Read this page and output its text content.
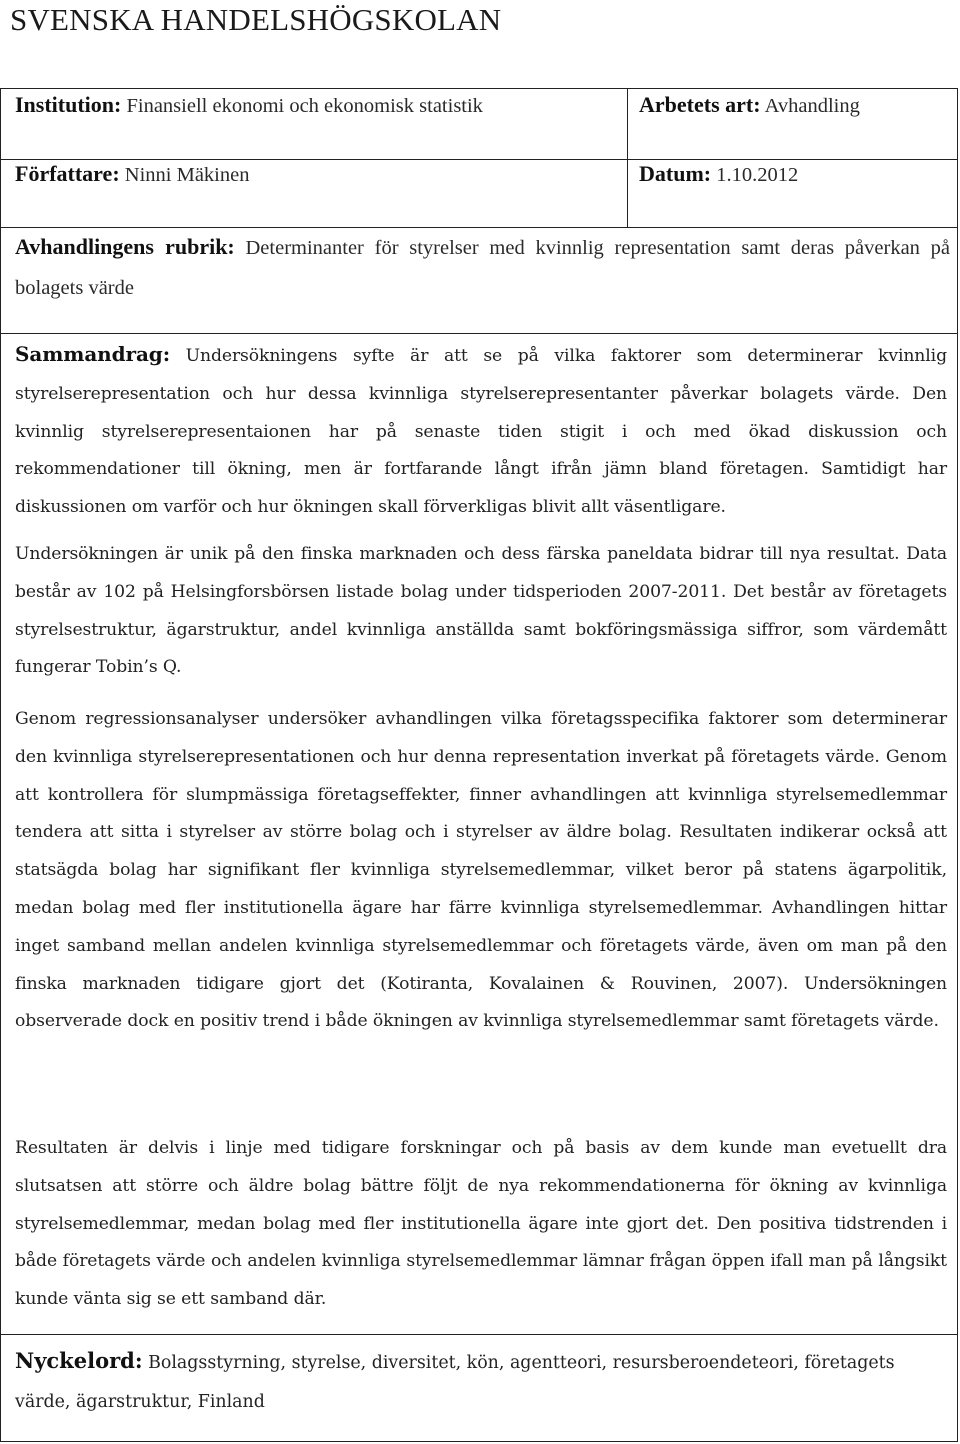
SVENSKA HANDELSHÖGSKOLAN
Institution: Finansiell ekonomi och ekonomisk statistik	Arbetets art: Avhandling
Författare: Ninni Mäkinen	Datum: 1.10.2012
Avhandlingens rubrik: Determinanter för styrelser med kvinnlig representation samt deras påverkan på bolagets värde

Sammandrag: Undersökningens syfte är att se på vilka faktorer som determinerar kvinnlig styrelserepresentation och hur dessa kvinnliga styrelserepresentanter påverkar bolagets värde. Den kvinnlig styrelserepresentaionen har på senaste tiden stigit i och med ökad diskussion och rekommendationer till ökning, men är fortfarande långt ifrån jämn bland företagen. Samtidigt har diskussionen om varför och hur ökningen skall förverkligas blivit allt väsentligare.

Undersökningen är unik på den finska marknaden och dess färska paneldata bidrar till nya resultat. Data består av 102 på Helsingforsbörsen listade bolag under tidsperioden 2007-2011. Det består av företagets styrelsestruktur, ägarstruktur, andel kvinnliga anställda samt bokföringsmässiga siffror, som värdemått fungerar Tobin’s Q.

Genom regressionsanalyser undersöker avhandlingen vilka företagsspecifika faktorer som determinerar den kvinnliga styrelserepresentationen och hur denna representation inverkat på företagets värde. Genom att kontrollera för slumpmässiga företagseffekter, finner avhandlingen att kvinnliga styrelsemedlemmar tendera att sitta i styrelser av större bolag och i styrelser av äldre bolag. Resultaten indikerar också att statsägda bolag har signifikant fler kvinnliga styrelsemedlemmar, vilket beror på statens ägarpolitik, medan bolag med fler institutionella ägare har färre kvinnliga styrelsemedlemmar. Avhandlingen hittar inget samband mellan andelen kvinnliga styrelsemedlemmar och företagets värde, även om man på den finska marknaden tidigare gjort det (Kotiranta, Kovalainen & Rouvinen, 2007). Undersökningen observerade dock en positiv trend i både ökningen av kvinnliga styrelsemedlemmar samt företagets värde.

Resultaten är delvis i linje med tidigare forskningar och på basis av dem kunde man evetuellt dra slutsatsen att större och äldre bolag bättre följt de nya rekommendationerna för ökning av kvinnliga styrelsemedlemmar, medan bolag med fler institutionella ägare inte gjort det. Den positiva tidstrenden i både företagets värde och andelen kvinnliga styrelsemedlemmar lämnar frågan öppen ifall man på långsikt kunde vänta sig se ett samband där.

Nyckelord: Bolagsstyrning, styrelse, diversitet, kön, agentteori, resursberoendeteori, företagets värde, ägarstruktur, Finland
